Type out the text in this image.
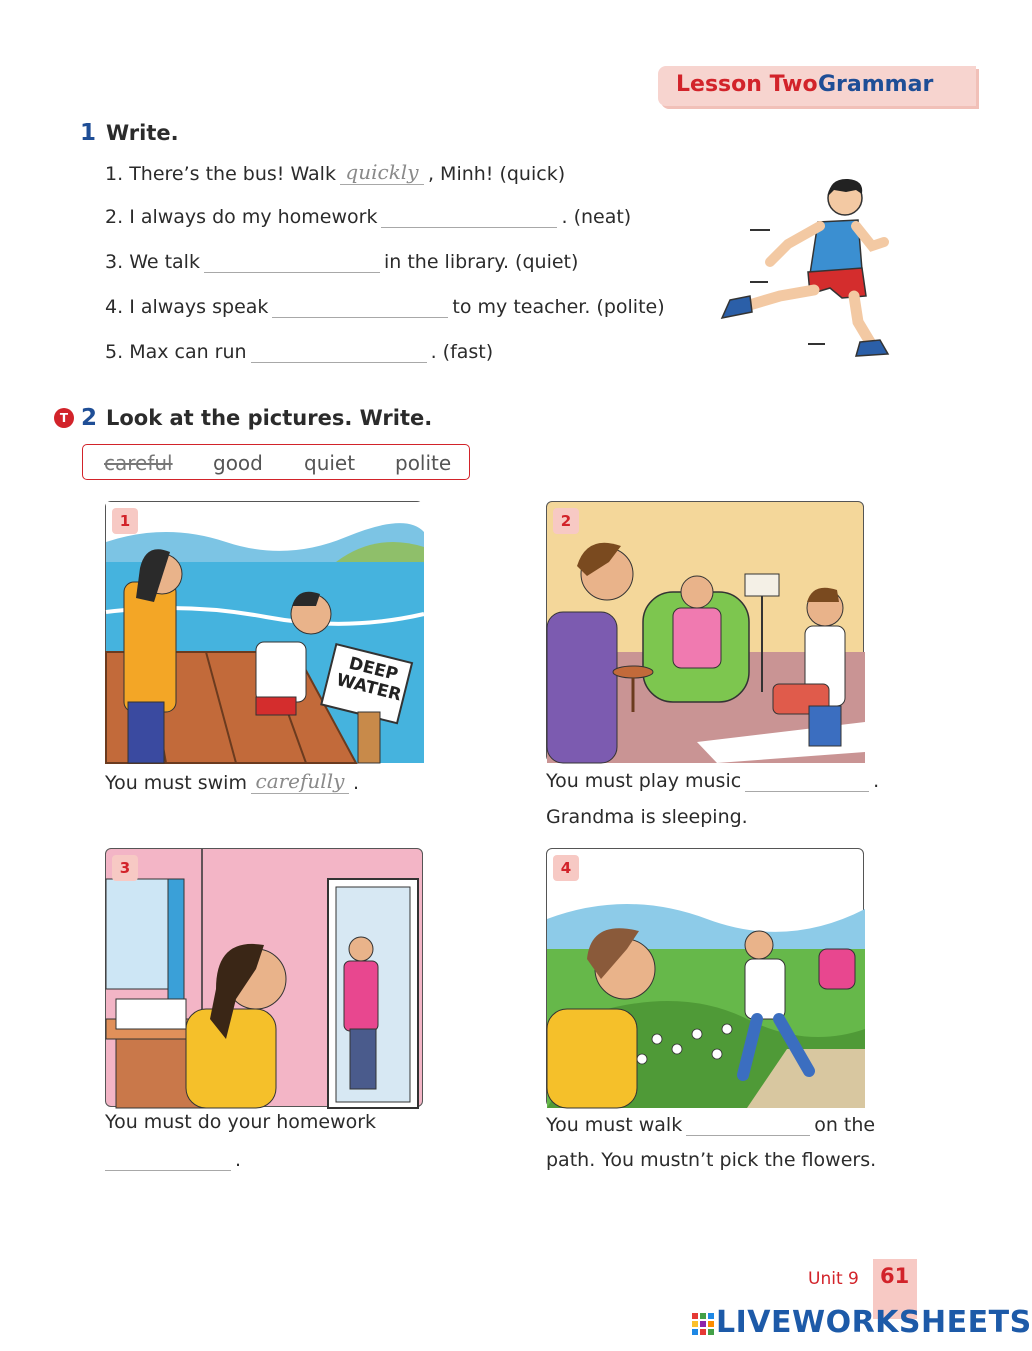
Lesson Two Grammar
1 Write.
1.
There’s the bus! Walk quickly , Minh! (quick)
2.
I always do my homework	. (neat)
3.
We talk	in the library. (quiet)
4.
I always speak	to my teacher. (polite)
5.
Max can run	. (fast)
T 2 Look at the pictures. Write.
careful good quiet polite
DEEP WATER
1
You must swim carefully .
2
You must play music	.
Grandma is sleeping.
3
You must do your homework
.
4
You must walk	on the
path. You mustn’t pick the flowers.
Unit 9 61
LIVEWORKSHEETS
